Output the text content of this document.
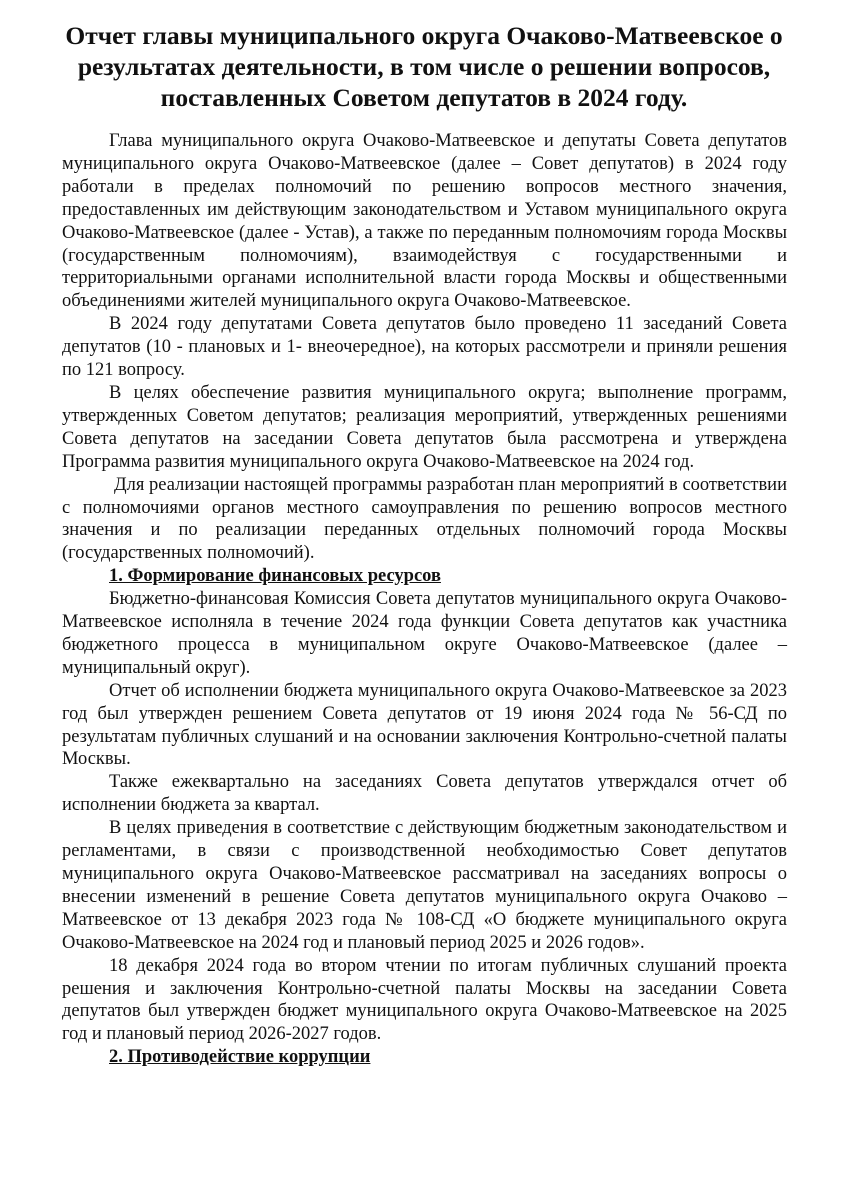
Отчет главы муниципального округа Очаково-Матвеевское о результатах деятельности, в том числе о решении вопросов, поставленных Советом депутатов в 2024 году.

Глава муниципального округа Очаково-Матвеевское и депутаты Совета депутатов муниципального округа Очаково-Матвеевское (далее – Совет депутатов) в 2024 году работали в пределах полномочий по решению вопросов местного значения, предоставленных им действующим законодательством и Уставом муниципального округа Очаково-Матвеевское (далее - Устав), а также по переданным полномочиям города Москвы (государственным полномочиям), взаимодействуя с государственными и территориальными органами исполнительной власти города Москвы и общественными объединениями жителей муниципального округа Очаково-Матвеевское.

В 2024 году депутатами Совета депутатов было проведено 11 заседаний Совета депутатов (10 - плановых и 1- внеочередное), на которых рассмотрели и приняли решения по 121 вопросу.

В целях обеспечение развития муниципального округа; выполнение программ, утвержденных Советом депутатов; реализация мероприятий, утвержденных решениями Совета депутатов на заседании Совета депутатов была рассмотрена и утверждена Программа развития муниципального округа Очаково-Матвеевское на 2024 год.

Для реализации настоящей программы разработан план мероприятий в соответствии с полномочиями органов местного самоуправления по решению вопросов местного значения и по реализации переданных отдельных полномочий города Москвы (государственных полномочий).

1. Формирование финансовых ресурсов

Бюджетно-финансовая Комиссия Совета депутатов муниципального округа Очаково-Матвеевское исполняла в течение 2024 года функции Совета депутатов как участника бюджетного процесса в муниципальном округе Очаково-Матвеевское (далее – муниципальный округ).

Отчет об исполнении бюджета муниципального округа Очаково-Матвеевское за 2023 год был утвержден решением Совета депутатов от 19 июня 2024 года № 56-СД по результатам публичных слушаний и на основании заключения Контрольно-счетной палаты Москвы.

Также ежеквартально на заседаниях Совета депутатов утверждался отчет об исполнении бюджета за квартал.

В целях приведения в соответствие с действующим бюджетным законодательством и регламентами, в связи с производственной необходимостью Совет депутатов муниципального округа Очаково-Матвеевское рассматривал на заседаниях вопросы о внесении изменений в решение Совета депутатов муниципального округа Очаково – Матвеевское от 13 декабря 2023 года № 108-СД «О бюджете муниципального округа Очаково-Матвеевское на 2024 год и плановый период 2025 и 2026 годов».

18 декабря 2024 года во втором чтении по итогам публичных слушаний проекта решения и заключения Контрольно-счетной палаты Москвы на заседании Совета депутатов был утвержден бюджет муниципального округа Очаково-Матвеевское на 2025 год и плановый период 2026-2027 годов.

2. Противодействие коррупции
